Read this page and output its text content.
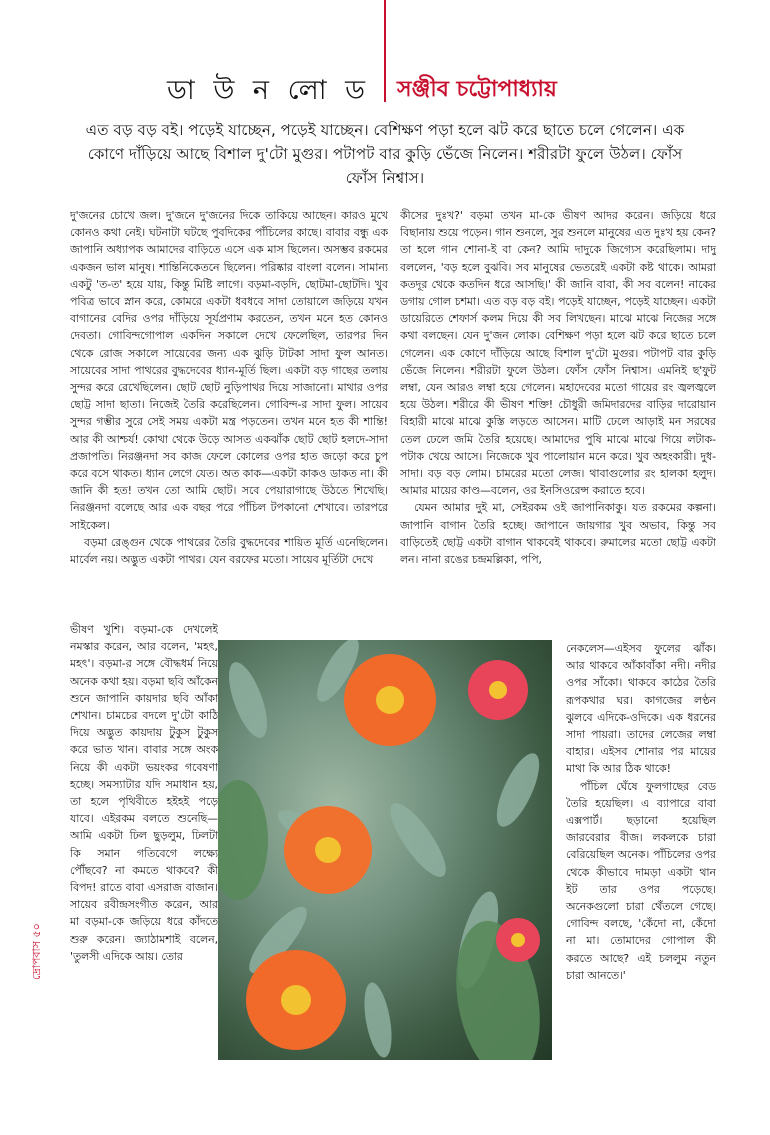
ডা উ ন লো ড সঞ্জীব চট্টোপাধ্যায়
এত বড় বড় বই। পড়েই যাচ্ছেন, পড়েই যাচ্ছেন। বেশিক্ষণ পড়া হলে ঝট করে ছাতে চলে গেলেন। এক কোণে দাঁড়িয়ে আছে বিশাল দু'টো মুগুর। পটাপট বার কুড়ি ভেঁজে নিলেন। শরীরটা ফুলে উঠল। ফোঁস ফোঁস নিশ্বাস।

দু'জনের চোখে জল। দু'জনে দু'জনের দিকে তাকিয়ে আছেন। কারও মুখে কোনও কথা নেই। ঘটনাটা ঘটছে পুবদিকের পাঁচিলের কাছে। বাবার বন্ধু এক জাপানি অধ্যাপক আমাদের বাড়িতে এসে এক মাস ছিলেন। অসম্ভব রকমের একজন ভাল মানুষ। শান্তিনিকেতনে ছিলেন। পরিষ্কার বাংলা বলেন। সামান্য একটু 'ত-ত' হয়ে যায়, কিন্তু মিষ্টি লাগে। বড়মা-বড়দি, ছোটমা-ছোটদি। খুব পবিত্র ভাবে স্নান করে, কোমরে একটা ধবধবে সাদা তোয়ালে জড়িয়ে যখন বাগানের বেদির ওপর দাঁড়িয়ে সূর্যপ্রণাম করতেন, তখন মনে হত কোনও দেবতা। গোবিন্দগোপাল একদিন সকালে দেখে ফেলেছিল, তারপর দিন থেকে রোজ সকালে সায়েবের জন্য এক ঝুড়ি টাটকা সাদা ফুল আনত। সায়েবের সাদা পাথরের বুদ্ধদেবের ধ্যান-মূর্তি ছিল। একটা বড় গাছের তলায় সুন্দর করে রেখেছিলেন। ছোট ছোট নুড়িপাথর দিয়ে সাজানো। মাথার ওপর ছোট্ট সাদা ছাতা। নিজেই তৈরি করেছিলেন। গোবিন্দ-র সাদা ফুল। সায়েব সুন্দর গম্ভীর সুরে সেই সময় একটা মন্ত্র পড়তেন। তখন মনে হত কী শান্তি! আর কী আশ্চর্য! কোথা থেকে উড়ে আসত একঝাঁক ছোট ছোট হলদে-সাদা প্রজাপতি। নিরঞ্জনদা সব কাজ ফেলে কোলের ওপর হাত জড়ো করে চুপ করে বসে থাকত। ধ্যান লেগে যেত। অত কাক—একটা কাকও ডাকত না। কী জানি কী হত! তখন তো আমি ছোট। সবে পেয়ারাগাছে উঠতে শিখেছি। নিরঞ্জনদা বলেছে আর এক বছর পরে পাঁচিল টপকানো শেখাবে। তারপরে সাইকেল।

বড়মা রেঙ্গুন থেকে পাথরের তৈরি বুদ্ধদেবের শায়িত মূর্তি এনেছিলেন। মার্বেল নয়। অদ্ভুত একটা পাথর। যেন বরফের মতো। সায়েব মূর্তিটা দেখে

ভীষণ খুশি। বড়মা-কে দেখলেই নমস্কার করেন, আর বলেন, 'মহৎ, মহৎ'। বড়মা-র সঙ্গে বৌদ্ধধর্ম নিয়ে অনেক কথা হয়। বড়মা ছবি আঁকেন শুনে জাপানি কায়দার ছবি আঁকা শেখান। চামচের বদলে দু'টো কাঠি দিয়ে অদ্ভুত কায়দায় টুকুস টুকুস করে ভাত খান। বাবার সঙ্গে অংক নিয়ে কী একটা ভয়ংকর গবেষণা হচ্ছে। সমস্যাটার যদি সমাধান হয়, তা হলে পৃথিবীতে হইহই পড়ে যাবে। এইরকম বলতে শুনেছি—আমি একটা ঢিল ছুড়লুম, ঢিলটা কি সমান গতিবেগে লক্ষ্যে পৌঁছবে? না কমতে থাকবে? কী বিপদ! রাতে বাবা এসরাজ বাজান। সায়েব রবীন্দ্রসংগীত করেন, আর মা বড়মা-কে জড়িয়ে ধরে কাঁদতে শুরু করেন। জ্যাঠামশাই বলেন, 'তুলসী এদিকে আয়। তোর

কীসের দুঃখ?' বড়মা তখন মা-কে ভীষণ আদর করেন। জড়িয়ে ধরে বিছানায় শুয়ে পড়েন। গান শুনলে, সুর শুনলে মানুষের এত দুঃখ হয় কেন? তা হলে গান শোনা-ই বা কেন? আমি দাদুকে জিগ্যেস করেছিলাম। দাদু বললেন, 'বড় হলে বুঝবি। সব মানুষের ভেতরেই একটা কষ্ট থাকে। আমরা কতদূর থেকে কতদিন ধরে আসছি।' কী জানি বাবা, কী সব বলেন! নাকের ডগায় গোল চশমা। এত বড় বড় বই। পড়েই যাচ্ছেন, পড়েই যাচ্ছেন। একটা ডায়েরিতে শেফার্স কলম দিয়ে কী সব লিখছেন। মাঝে মাঝে নিজের সঙ্গে কথা বলছেন। যেন দু'জন লোক। বেশিক্ষণ পড়া হলে ঝট করে ছাতে চলে গেলেন। এক কোণে দাঁড়িয়ে আছে বিশাল দু'টো মুগুর। পটাপট বার কুড়ি ভেঁজে নিলেন। শরীরটা ফুলে উঠল। ফোঁস ফোঁস নিশ্বাস। এমনিই ছ'ফুট লম্বা, যেন আরও লম্বা হয়ে গেলেন। মহাদেবের মতো গায়ের রং জ্বলজ্বলে হয়ে উঠল। শরীরে কী ভীষণ শক্তি! চৌধুরী জমিদারদের বাড়ির দারোয়ান বিহারী মাঝে মাঝে কুস্তি লড়তে আসেন। মাটি ঢেলে আড়াই মন সরষের তেল ঢেলে জমি তৈরি হয়েছে। আমাদের পুষি মাঝে মাঝে গিয়ে লটাক-পটাক খেয়ে আসে। নিজেকে খুব পালোয়ান মনে করে। খুব অহংকারী। দুধ-সাদা। বড় বড় লোম। চামরের মতো লেজ। থাবাগুলোর রং হালকা হলুদ। আমার মায়ের কাণ্ড—বলেন, ওর ইনসিওরেন্স করাতে হবে।

যেমন আমার দুই মা, সেইরকম ওই জাপানিকাকু। যত রকমের কল্পনা। জাপানি বাগান তৈরি হচ্ছে। জাপানে জায়গার খুব অভাব, কিন্তু সব বাড়িতেই ছোট্ট একটা বাগান থাকবেই থাকবে। রুমালের মতো ছোট্ট একটা লন। নানা রঙের চন্দ্রমল্লিকা, পপি,

নেকলেস—এইসব ফুলের ঝাঁক। আর থাকবে আঁকাবাঁকা নদী। নদীর ওপর সাঁকো। থাকবে কাঠের তৈরি রূপকথার ঘর। কাগজের লণ্ঠন ঝুলবে এদিকে-ওদিকে। এক ধরনের সাদা পায়রা। তাদের লেজের লম্বা বাহার। এইসব শোনার পর মায়ের মাথা কি আর ঠিক থাকে!

পাঁচিল ঘেঁষে ফুলগাছের বেড তৈরি হয়েছিল। এ ব্যাপারে বাবা এক্সপার্ট। ছড়ানো হয়েছিল জারবেরার বীজ। লকলকে চারা বেরিয়েছিল অনেক। পাঁচিলের ওপর থেকে কীভাবে দামড়া একটা থান ইট তার ওপর পড়েছে। অনেকগুলো চারা থেঁতলে গেছে। গোবিন্দ বলছে, 'কেঁদো না, কেঁদো না মা। তোমাদের গোপাল কী করতে আছে? এই চললুম নতুন চারা আনতে।'

দ্রোপবাস ৫০
